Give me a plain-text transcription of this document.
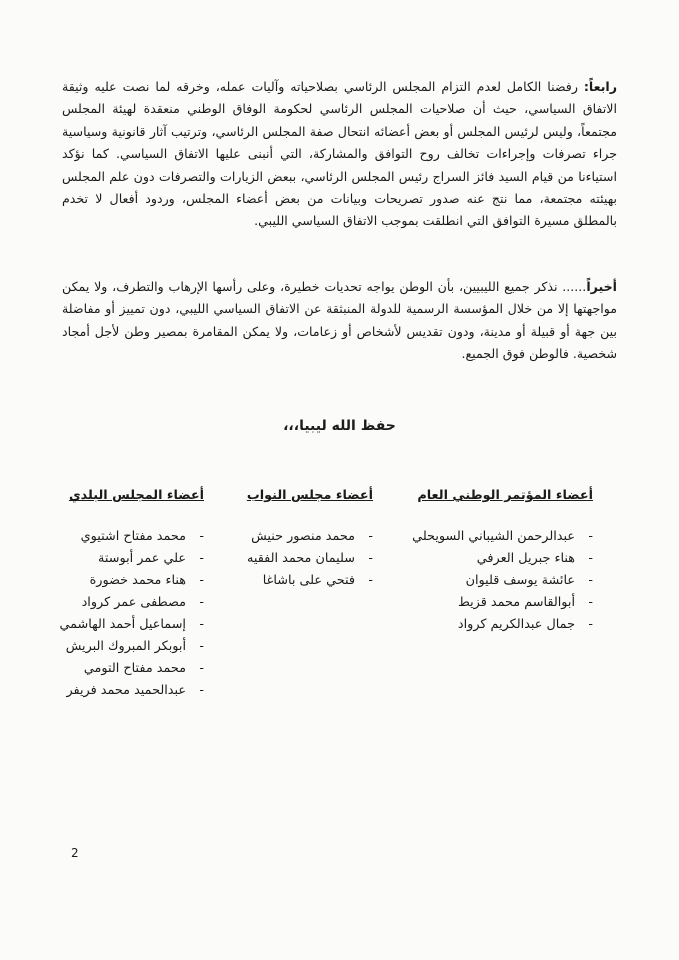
رابعاً: رفضنا الكامل لعدم التزام المجلس الرئاسي بصلاحياته وآليات عمله، وخرقه لما نصت عليه وثيقة الاتفاق السياسي، حيث أن صلاحيات المجلس الرئاسي لحكومة الوفاق الوطني منعقدة لهيئة المجلس مجتمعاً، وليس لرئيس المجلس أو بعض أعضائه انتحال صفة المجلس الرئاسي، وترتيب آثار قانونية وسياسية جراء تصرفات وإجراءات تخالف روح التوافق والمشاركة، التي أنبنى عليها الاتفاق السياسي. كما نؤكد استياءنا من قيام السيد فائز السراج رئيس المجلس الرئاسي، ببعض الزيارات والتصرفات دون علم المجلس بهيئته مجتمعة، مما نتج عنه صدور تصريحات وبيانات من بعض أعضاء المجلس، وردود أفعال لا تخدم بالمطلق مسيرة التوافق التي انطلقت بموجب الاتفاق السياسي الليبي.

أخيراً...... نذكر جميع الليبيين، بأن الوطن يواجه تحديات خطيرة، وعلى رأسها الإرهاب والتطرف، ولا يمكن مواجهتها إلا من خلال المؤسسة الرسمية للدولة المنبثقة عن الاتفاق السياسي الليبي، دون تمييز أو مفاضلة بين جهة أو قبيلة أو مدينة، ودون تقديس لأشخاص أو زعامات، ولا يمكن المقامرة بمصير وطن لأجل أمجاد شخصية. فالوطن فوق الجميع.

حفظ الله ليبيا،،،
أعضاء المؤتمر الوطني العام
-عبدالرحمن الشيباني السويحلي
-هناء جبريل العرفي
-عائشة يوسف قليوان
-أبوالقاسم محمد قزيط
-جمال عبدالكريم كرواد
أعضاء مجلس النواب
-محمد منصور حنيش
-سليمان محمد الفقيه
-فتحي على باشاغا
أعضاء المجلس البلدي
-محمد مفتاح اشتيوي
-علي عمر أبوستة
-هناء محمد خضورة
-مصطفى عمر كرواد
-إسماعيل أحمد الهاشمي
-أبوبكر المبروك البريش
-محمد مفتاح التومي
-عبدالحميد محمد فريفر
2
